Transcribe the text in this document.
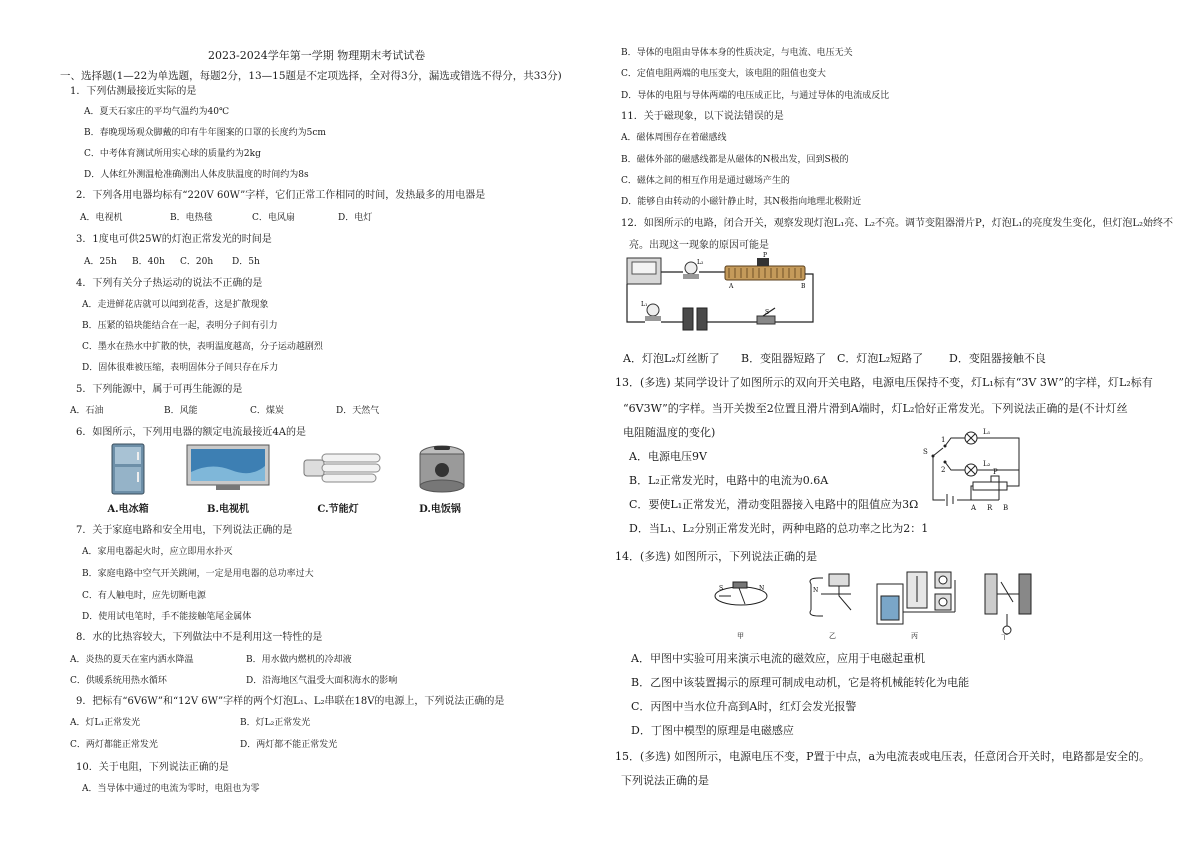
2023-2024学年第一学期 物理期末考试试卷
一、选择题(1—22为单选题，每题2分，13—15题是不定项选择，全对得3分，漏选或错选不得分，共33分)
1．下列估测最接近实际的是
A．夏天石家庄的平均气温约为40℃
B．春晚现场观众脚戴的印有牛年图案的口罩的长度约为5cm
C．中考体育测试所用实心球的质量约为2kg
D．人体红外测温枪准确测出人体皮肤温度的时间约为8s
2．下列各用电器均标有“220V 60W”字样，它们正常工作相同的时间，发热最多的用电器是
A．电视机	B．电热毯	C．电风扇	D．电灯
3．1度电可供25W的灯泡正常发光的时间是
A．25h B．40h C．20h D．5h
4．下列有关分子热运动的说法不正确的是
A．走进鲜花店就可以闻到花香，这是扩散现象
B．压紧的铅块能结合在一起，表明分子间有引力
C．墨水在热水中扩散的快，表明温度越高，分子运动越剧烈
D．固体很难被压缩，表明固体分子间只存在斥力
5．下列能源中，属于可再生能源的是
A．石油	B．风能	C．煤炭	D．天然气
6．如图所示，下列用电器的额定电流最接近4A的是
A.电冰箱	B.电视机	C.节能灯	D.电饭锅
7．关于家庭电路和安全用电，下列说法正确的是
A．家用电器起火时，应立即用水扑灭
B．家庭电路中空气开关跳闸，一定是用电器的总功率过大
C．有人触电时，应先切断电源
D．使用试电笔时，手不能接触笔尾金属体
8．水的比热容较大，下列做法中不是利用这一特性的是
A．炎热的夏天在室内洒水降温	B．用水做内燃机的冷却液
C．供暖系统用热水循环	D．沿海地区气温受大面积海水的影响
9．把标有“6V6W”和“12V 6W”字样的两个灯泡L₁、L₂串联在18V的电源上，下列说法正确的是
A．灯L₁正常发光	B．灯L₂正常发光
C．两灯都能正常发光	D．两灯都不能正常发光
10．关于电阻，下列说法正确的是
A．当导体中通过的电流为零时，电阻也为零
B．导体的电阻由导体本身的性质决定，与电流、电压无关
C．定值电阻两端的电压变大，该电阻的阻值也变大
D．导体的电阻与导体两端的电压成正比，与通过导体的电流成反比
11．关于磁现象，以下说法错误的是
A．磁体周围存在着磁感线
B．磁体外部的磁感线都是从磁体的N极出发，回到S极的
C．磁体之间的相互作用是通过磁场产生的
D．能够自由转动的小磁针静止时，其N极指向地理北极附近
12．如图所示的电路，闭合开关，观察发现灯泡L₁亮、L₂不亮。调节变阻器滑片P，灯泡L₁的亮度发生变化，但灯泡L₂始终不
亮。出现这一现象的原因可能是
L₂
L₁
P
A	B
S
A．灯泡L₂灯丝断了 B．变阻器短路了 C．灯泡L₂短路了 D．变阻器接触不良
13．(多选) 某同学设计了如图所示的双向开关电路，电源电压保持不变，灯L₁标有“3V 3W”的字样，灯L₂标有
“6V3W”的字样。当开关拨至2位置且滑片滑到A端时，灯L₂恰好正常发光。下列说法正确的是(不计灯丝
电阻随温度的变化)
A．电源电压9V
B．L₂正常发光时，电路中的电流为0.6A
C．要使L₁正常发光，滑动变阻器接入电路中的阻值应为3Ω
D．当L₁、L₂分别正常发光时，两种电路的总功率之比为2：1
S
1
2
L₁
L₂
P
A R B
14．(多选) 如图所示，下列说法正确的是
S	N	N
甲	乙	丙	丁
A．甲图中实验可用来演示电流的磁效应，应用于电磁起重机
B．乙图中该装置揭示的原理可制成电动机，它是将机械能转化为电能
C．丙图中当水位升高到A时，红灯会发光报警
D．丁图中模型的原理是电磁感应
15．(多选) 如图所示，电源电压不变，P置于中点，a为电流表或电压表，任意闭合开关时，电路都是安全的。
下列说法正确的是
